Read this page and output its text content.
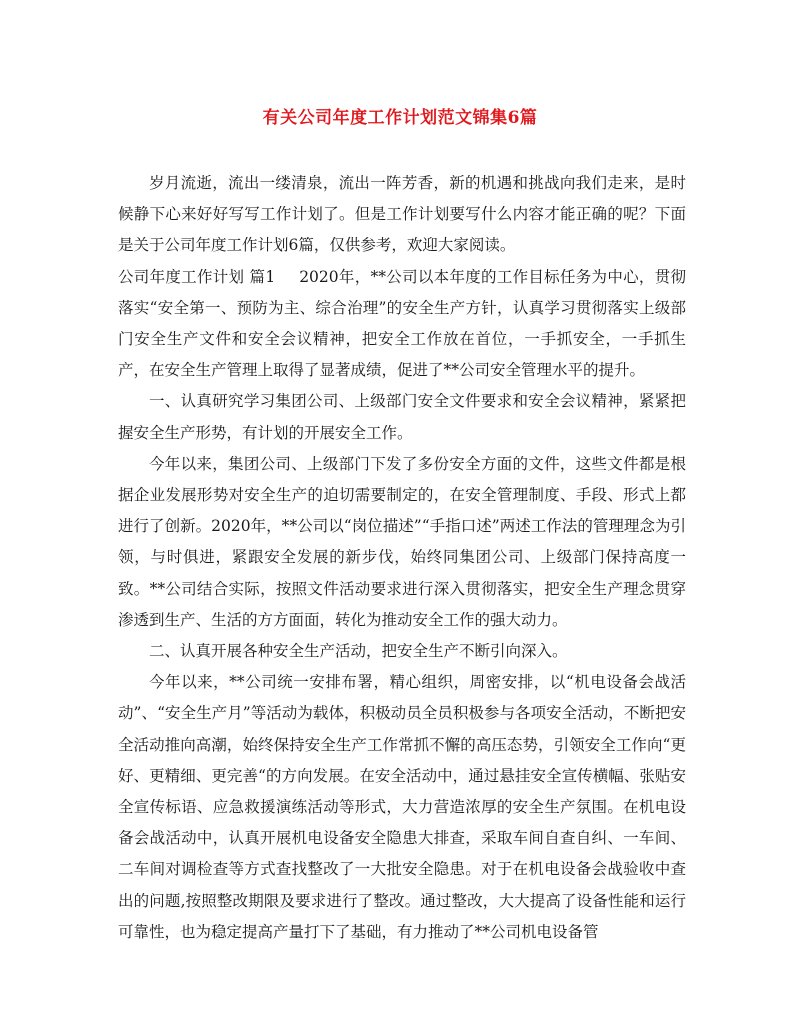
有关公司年度工作计划范文锦集6篇

岁月流逝，流出一缕清泉，流出一阵芳香，新的机遇和挑战向我们走来，是时候静下心来好好写写工作计划了。但是工作计划要写什么内容才能正确的呢？下面是关于公司年度工作计划6篇，仅供参考，欢迎大家阅读。

公司年度工作计划 篇1 2020年，**公司以本年度的工作目标任务为中心，贯彻落实“安全第一、预防为主、综合治理”的安全生产方针，认真学习贯彻落实上级部门安全生产文件和安全会议精神，把安全工作放在首位，一手抓安全，一手抓生产，在安全生产管理上取得了显著成绩，促进了**公司安全管理水平的提升。

一、认真研究学习集团公司、上级部门安全文件要求和安全会议精神，紧紧把握安全生产形势，有计划的开展安全工作。

今年以来，集团公司、上级部门下发了多份安全方面的文件，这些文件都是根据企业发展形势对安全生产的迫切需要制定的，在安全管理制度、手段、形式上都进行了创新。2020年，**公司以“岗位描述”“手指口述”两述工作法的管理理念为引领，与时俱进，紧跟安全发展的新步伐，始终同集团公司、上级部门保持高度一致。**公司结合实际，按照文件活动要求进行深入贯彻落实，把安全生产理念贯穿渗透到生产、生活的方方面面，转化为推动安全工作的强大动力。

二、认真开展各种安全生产活动，把安全生产不断引向深入。

今年以来，**公司统一安排布署，精心组织，周密安排，以“机电设备会战活动”、“安全生产月”等活动为载体，积极动员全员积极参与各项安全活动，不断把安全活动推向高潮，始终保持安全生产工作常抓不懈的高压态势，引领安全工作向“更好、更精细、更完善“的方向发展。在安全活动中，通过悬挂安全宣传横幅、张贴安全宣传标语、应急救援演练活动等形式，大力营造浓厚的安全生产氛围。在机电设备会战活动中，认真开展机电设备安全隐患大排查，采取车间自查自纠、一车间、二车间对调检查等方式查找整改了一大批安全隐患。对于在机电设备会战验收中查出的问题,按照整改期限及要求进行了整改。通过整改，大大提高了设备性能和运行可靠性，也为稳定提高产量打下了基础，有力推动了**公司机电设备管
